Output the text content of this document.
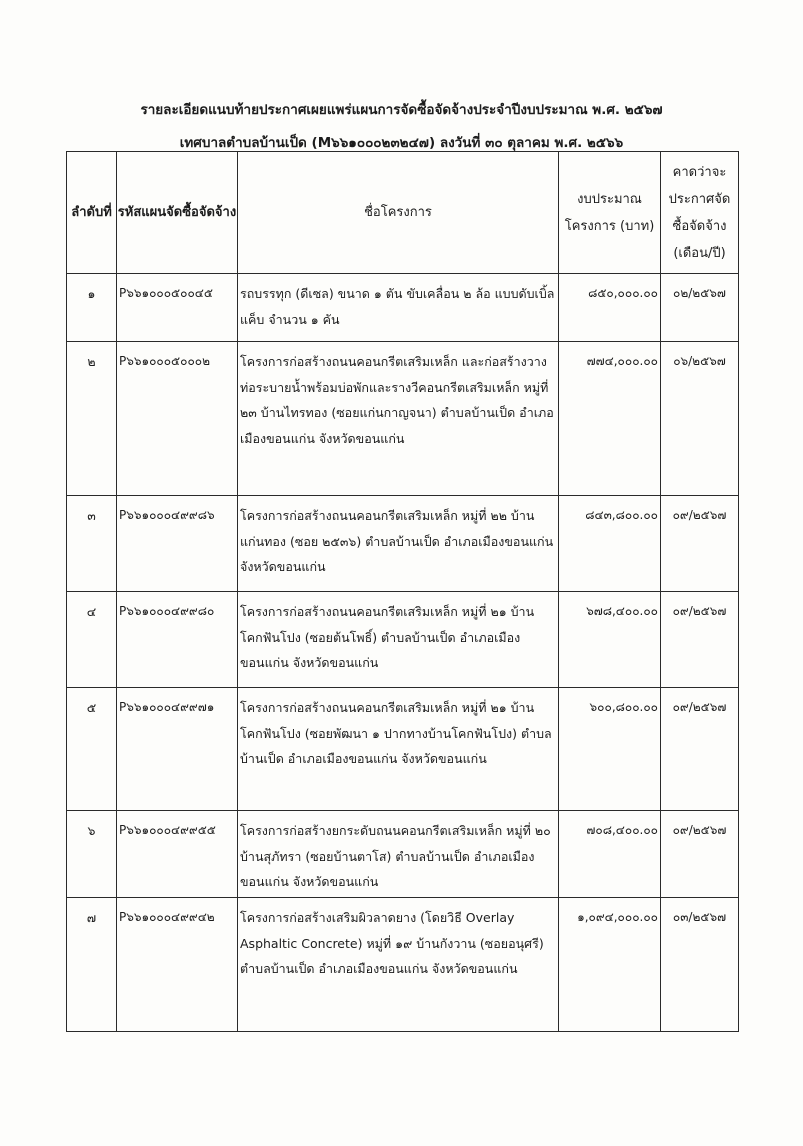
รายละเอียดแนบท้ายประกาศเผยแพร่แผนการจัดซื้อจัดจ้างประจำปีงบประมาณ พ.ศ. ๒๕๖๗
เทศบาลตำบลบ้านเป็ด (M๖๖๑๐๐๐๒๓๒๔๗) ลงวันที่ ๓๐ ตุลาคม พ.ศ. ๒๕๖๖
ลำดับที่	รหัสแผนจัดซื้อจัดจ้าง	ชื่อโครงการ	งบประมาณโครงการ (บาท)	คาดว่าจะประกาศจัดซื้อจัดจ้าง (เดือน/ปี)

๑	P๖๖๑๐๐๐๕๐๐๔๕	รถบรรทุก (ดีเซล) ขนาด ๑ ตัน ขับเคลื่อน ๒ ล้อ แบบดับเบิ้ลแค็บ จำนวน ๑ คัน	๘๕๐,๐๐๐.๐๐	๐๒/๒๕๖๗

๒	P๖๖๑๐๐๐๕๐๐๐๒	โครงการก่อสร้างถนนคอนกรีตเสริมเหล็ก และก่อสร้างวางท่อระบายน้ำพร้อมบ่อพักและรางวีคอนกรีตเสริมเหล็ก หมู่ที่ ๒๓ บ้านไทรทอง (ซอยแก่นกาญจนา) ตำบลบ้านเป็ด อำเภอเมืองขอนแก่น จังหวัดขอนแก่น	๗๗๔,๐๐๐.๐๐	๐๖/๒๕๖๗

๓	P๖๖๑๐๐๐๔๙๙๘๖	โครงการก่อสร้างถนนคอนกรีตเสริมเหล็ก หมู่ที่ ๒๒ บ้านแก่นทอง (ซอย ๒๕๓๖) ตำบลบ้านเป็ด อำเภอเมืองขอนแก่น จังหวัดขอนแก่น	๘๔๓,๘๐๐.๐๐	๐๙/๒๕๖๗

๔	P๖๖๑๐๐๐๔๙๙๘๐	โครงการก่อสร้างถนนคอนกรีตเสริมเหล็ก หมู่ที่ ๒๑ บ้านโคกฟันโปง (ซอยต้นโพธิ์) ตำบลบ้านเป็ด อำเภอเมืองขอนแก่น จังหวัดขอนแก่น	๖๗๘,๔๐๐.๐๐	๐๙/๒๕๖๗

๕	P๖๖๑๐๐๐๔๙๙๗๑	โครงการก่อสร้างถนนคอนกรีตเสริมเหล็ก หมู่ที่ ๒๑ บ้านโคกฟันโปง (ซอยพัฒนา ๑ ปากทางบ้านโคกฟันโปง) ตำบลบ้านเป็ด อำเภอเมืองขอนแก่น จังหวัดขอนแก่น	๖๐๐,๘๐๐.๐๐	๐๙/๒๕๖๗

๖	P๖๖๑๐๐๐๔๙๙๕๕	โครงการก่อสร้างยกระดับถนนคอนกรีตเสริมเหล็ก หมู่ที่ ๒๐ บ้านสุภัทรา (ซอยบ้านตาโส) ตำบลบ้านเป็ด อำเภอเมืองขอนแก่น จังหวัดขอนแก่น	๗๐๘,๔๐๐.๐๐	๐๙/๒๕๖๗

๗	P๖๖๑๐๐๐๔๙๙๔๒	โครงการก่อสร้างเสริมผิวลาดยาง (โดยวิธี Overlay Asphaltic Concrete) หมู่ที่ ๑๙ บ้านกังวาน (ซอยอนุศรี) ตำบลบ้านเป็ด อำเภอเมืองขอนแก่น จังหวัดขอนแก่น	๑,๐๙๔,๐๐๐.๐๐	๐๓/๒๕๖๗
